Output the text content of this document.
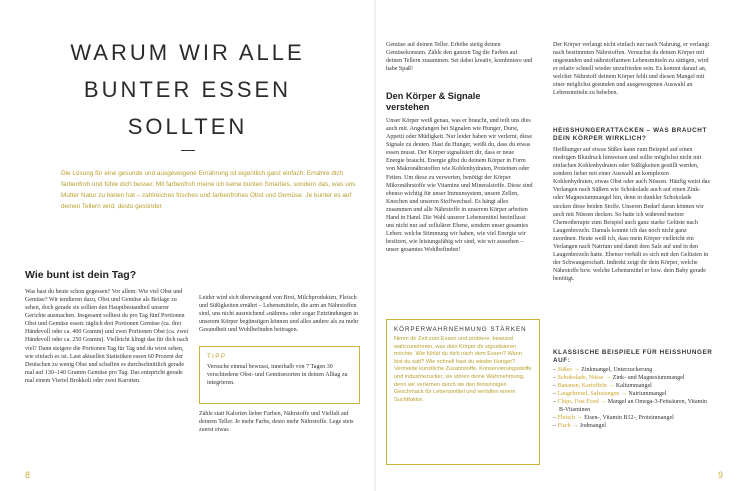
WARUM WIR ALLE
BUNTER ESSEN
SOLLTEN
Die Lösung für eine gesunde und ausgewogene Ernährung ist eigentlich ganz einfach: Ernähre dich farbenfroh und fühle dich besser. Mit farbenfroh meine ich keine bunten Smarties, sondern das, was uns Mutter Natur zu bieten hat – zahlreiches frisches und farbenfrohes Obst und Gemüse. Je bunter es auf deinen Tellern wird, desto gesünder.
Wie bunt ist dein Tag?
Was hast du heute schon gegessen? Vor allem: Wie viel Obst und Gemüse? Wir tendieren dazu, Obst und Gemüse als Beilage zu sehen, doch gerade sie sollten den Hauptbestandteil unserer Gerichte ausmachen. Insgesamt solltest du pro Tag fünf Portionen Obst und Gemüse essen: täglich drei Portionen Gemüse (ca. drei Händevoll oder ca. 400 Gramm) und zwei Portionen Obst (ca. zwei Händevoll oder ca. 250 Gramm). Vielleicht klingt das für dich nach viel? Dann steigere die Portionen Tag für Tag und du wirst sehen, wie einfach es ist. Laut aktuellen Statistiken essen 60 Prozent der Deutschen zu wenig Obst und schaffen es durchschnittlich gerade mal auf 130–140 Gramm Gemüse pro Tag. Das entspricht gerade mal einem Viertel Brokkoli oder zwei Karotten.
Leider wird sich überwiegend von Brot, Milchprodukten, Fleisch und Süßigkeiten ernährt – Lebensmitteln, die arm an Nährstoffen sind, uns nicht ausreichend »nähren« oder sogar Entzündungen in unserem Körper begünstigen können und alles andere als zu mehr Gesundheit und Wohlbefinden beitragen.
TIPP
Versuche einmal bewusst, innerhalb von 7 Tagen 30 verschiedene Obst- und Gemüsesorten in deinen Alltag zu integrieren.
Zähle statt Kalorien lieber Farben, Nährstoffe und Vielfalt auf deinem Teller. Je mehr Farbe, desto mehr Nährstoffe. Lege stets zuerst etwas
8
Gemüse auf deinen Teller. Erhöhe stetig deinen Gemüsekonsum. Zähle den ganzen Tag die Farben auf deinen Tellern zusammen. Sei dabei kreativ, kombiniere und habe Spaß!
Den Körper & Signale verstehen
Unser Körper weiß genau, was er braucht, und teilt uns dies auch mit. Angefangen bei Signalen wie Hunger, Durst, Appetit oder Müdigkeit. Nur leider haben wir verlernt, diese Signale zu deuten. Hast du Hunger, weißt du, dass du etwas essen musst. Der Körper signalisiert dir, dass er neue Energie braucht. Energie gibst du deinem Körper in Form von Makronährstoffen wie Kohlenhydraten, Proteinen oder Fetten. Um diese zu verwerten, benötigt der Körper Mikronährstoffe wie Vitamine und Mineralstoffe. Diese sind ebenso wichtig für unser Immunsystem, unsere Zellen, Knochen und unseren Stoffwechsel. Es hängt alles zusammen und alle Nährstoffe in unserem Körper arbeiten Hand in Hand. Die Wahl unserer Lebensmittel beeinflusst uns nicht nur auf zellulärer Ebene, sondern unser gesamtes Leben: welche Stimmung wir haben, wie viel Energie wir besitzen, wie leistungsfähig wir sind, wie wir aussehen – unser gesamtes Wohlbefinden!
KÖRPERWAHRNEHMUNG STÄRKEN
Nimm dir Zeit zum Essen und probiere, bewusst wahrzunehmen, was dein Körper dir signalisieren möchte. Wie fühlst du dich nach dem Essen? Wann bist du satt? Wie schnell hast du wieder Hunger? Vermeide künstliche Zusatzstoffe, Konservierungsstoffe und industriezucker, sie stören deine Wahrnehmung, denn wir verlernen durch sie den feinsinnigen Geschmack für Lebensmittel und verfallen einem Suchtfaktor.
Der Körper verlangt nicht einfach nur nach Nahrung, er verlangt nach bestimmten Nährstoffen. Versuchst du deinen Körper mit ungesunden und nährstoffarmen Lebensmitteln zu sättigen, wird er relativ schnell wieder unzufrieden sein. Es kommt darauf an, welcher Nährstoff deinem Körper fehlt und diesen Mangel mit einer möglichst gesunden und ausgewogenen Auswahl an Lebensmitteln zu beheben.
HEISSHUNGERATTACKEN – WAS BRAUCHT DEIN KÖRPER WIRKLICH?
Heißhunger auf etwas Süßes kann zum Beispiel auf einen niedrigen Blutdruck hinweisen und sollte möglichst nicht mit einfachen Kohlenhydraten oder Süßigkeiten gestillt werden, sondern lieber mit einer Auswahl an komplexen Kohlenhydraten, etwas Obst oder auch Nüssen. Häufig weist das Verlangen nach Süßem wie Schokolade auch auf einen Zink- oder Magnesiummangel hin, denn in dunkler Schokolade stecken diese beiden Stoffe. Unseren Bedarf daran können wir auch mit Nüssen decken. So hatte ich während meiner Chemotherapie zum Beispiel auch ganz starke Gelüste nach Laugenbrezeln. Damals konnte ich das noch nicht ganz zuordnen. Heute weiß ich, dass mein Körper vielleicht ein Verlangen nach Natrium und damit dem Salz auf und in den Laugenbrezeln hatte. Ebenso verhält es sich mit den Gelüsten in der Schwangerschaft. Indirekt zeigt dir dein Körper, welche Nährstoffe bzw. welche Lebensmittel er bzw. dein Baby gerade benötigt.
KLASSISCHE BEISPIELE FÜR HEISSHUNGER AUF:
– Süßes → Zinkmangel, Unterzuckerung
– Schokolade, Nüsse → Zink- und Magnesiummangel
– Bananen, Kartoffeln → Kaliummangel
– Laugebrezel, Salzstangen → Natriummangel
– Chips, Fast Food → Mangel an Omega-3-Fettsäuren, Vitamin B-Vitaminen
– Fleisch → Eisen-, Vitamin B12-, Proteinmangel
– Fisch → Jodmangel
9
